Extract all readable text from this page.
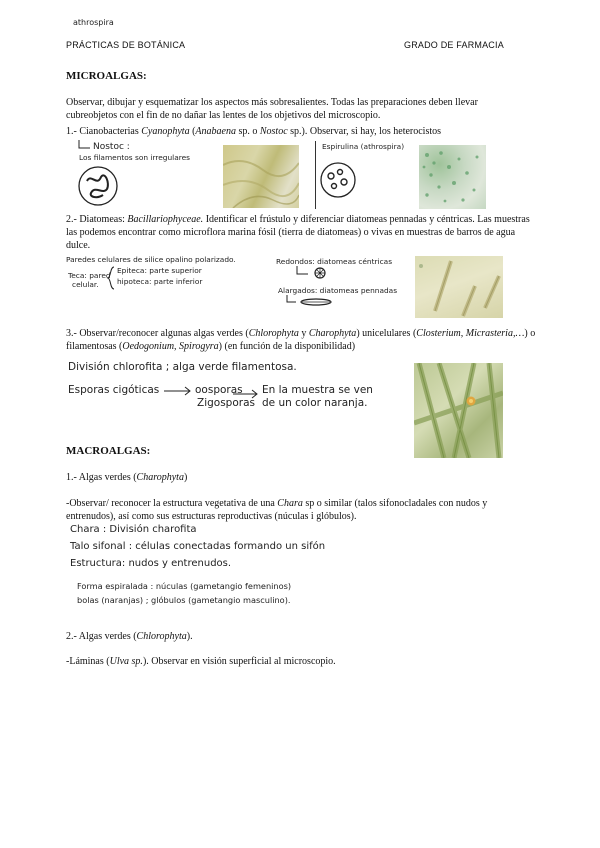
athrospira
PRÁCTICAS DE BOTÁNICA	GRADO DE FARMACIA
MICROALGAS:
Observar, dibujar y esquematizar los aspectos más sobresalientes. Todas las preparaciones deben llevar cubreobjetos con el fin de no dañar las lentes de los objetivos del microscopio.
1.- Cianobacterias Cyanophyta (Anabaena sp. o Nostoc sp.). Observar, si hay, los heterocistos
Nostoc :
Los filamentos son irregulares
Espirulina (athrospira)
2.- Diatomeas: Bacillariophyceae. Identificar el frústulo y diferenciar diatomeas pennadas y céntricas. Las muestras las podemos encontrar como microflora marina fósil (tierra de diatomeas) o vivas en muestras de barros de agua dulce.
Paredes celulares de silice opalino polarizado.
Teca: pared
celular.
Epiteca: parte superior
hipoteca: parte inferior
Redondos: diatomeas céntricas
Alargados: diatomeas pennadas
3.- Observar/reconocer algunas algas verdes (Chlorophyta y Charophyta) unicelulares (Closterium, Micrasteria,…) o filamentosas (Oedogonium, Spirogyra) (en función de la disponibilidad)
División chlorofita ; alga verde filamentosa.
Esporas cigóticas	oosporas
Zigosporas
En la muestra se ven
de un color naranja.
MACROALGAS:
1.- Algas verdes (Charophyta)
-Observar/ reconocer la estructura vegetativa de una Chara sp o similar (talos sifonocladales con nudos y entrenudos), así como sus estructuras reproductivas (núculas i glóbulos).
Chara : División charofita
Talo sifonal : células conectadas formando un sifón
Estructura: nudos y entrenudos.
Forma espiralada : núculas (gametangio femeninos)
bolas (naranjas) ; glóbulos (gametangio masculino).
2.- Algas verdes (Chlorophyta).
-Láminas (Ulva sp.). Observar en visión superficial al microscopio.
